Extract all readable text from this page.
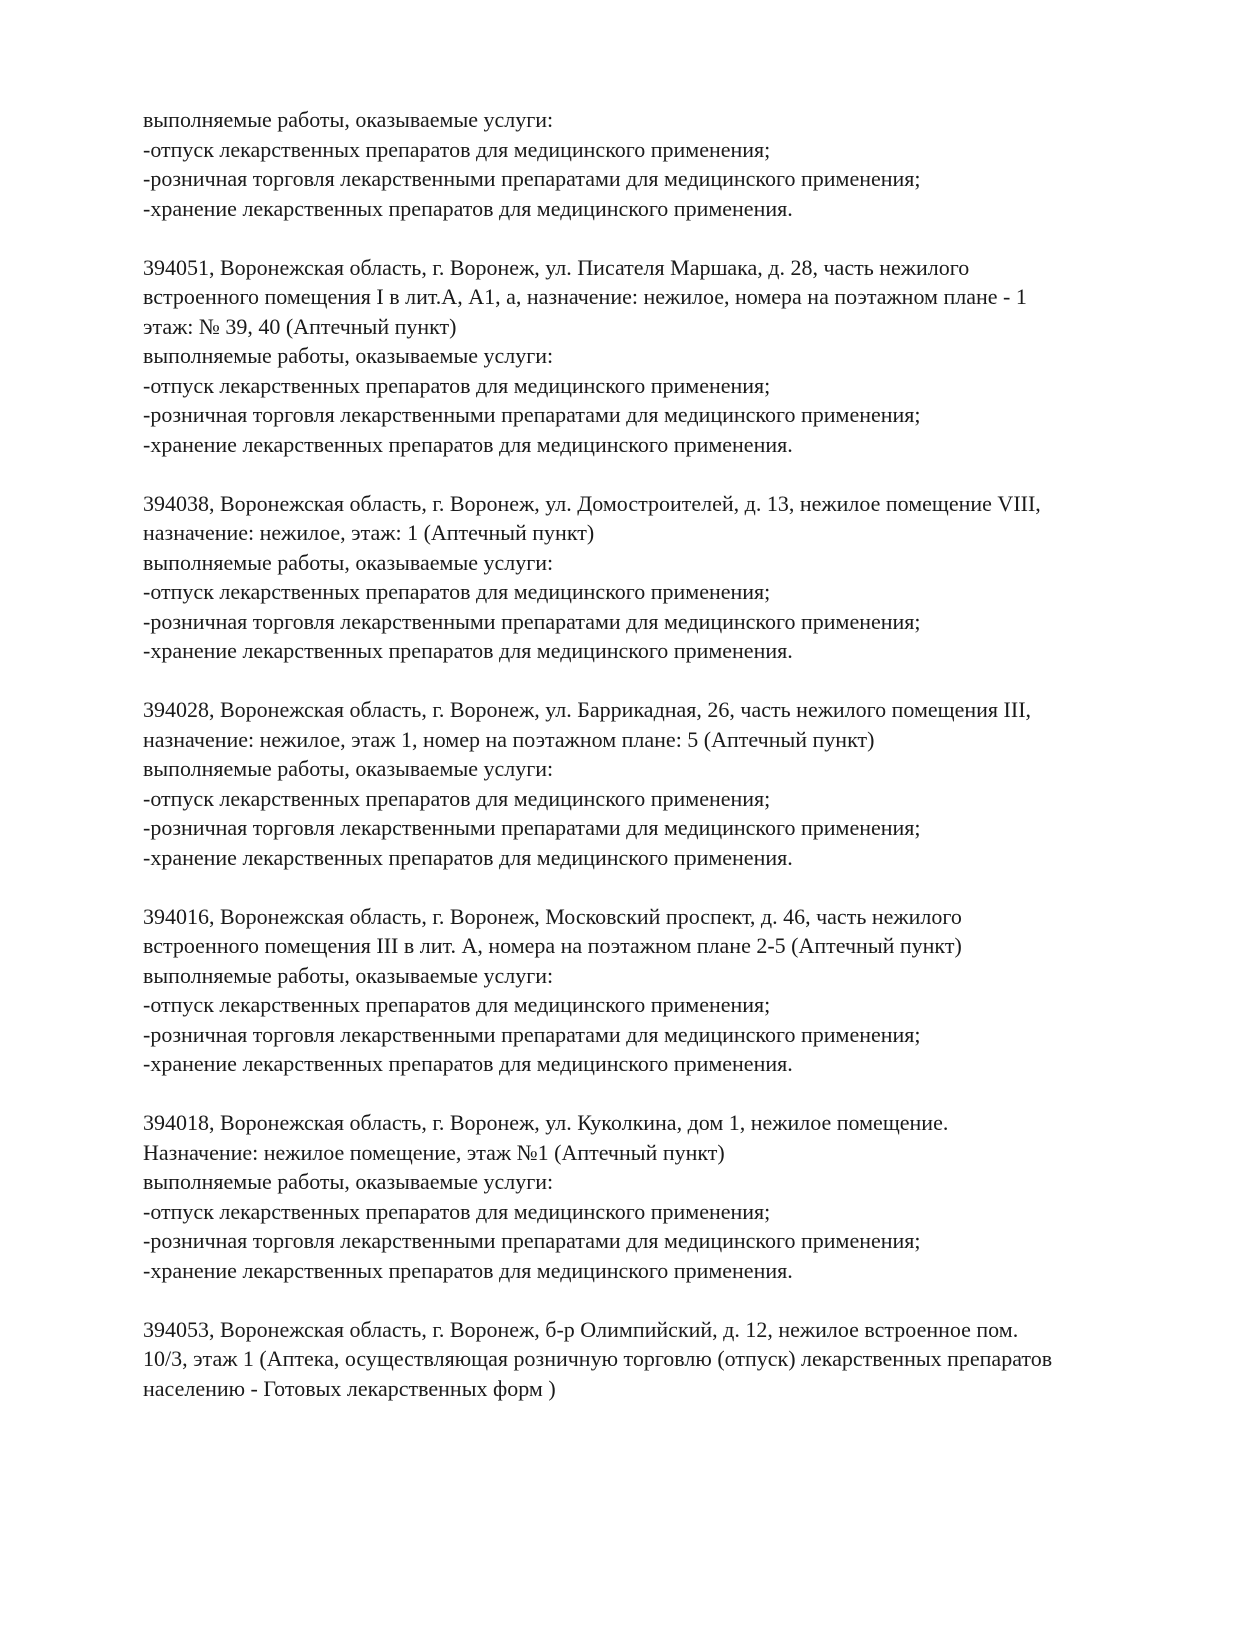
выполняемые работы, оказываемые услуги:
-отпуск лекарственных препаратов для медицинского применения;
-розничная торговля лекарственными препаратами для медицинского применения;
-хранение лекарственных препаратов для медицинского применения.
394051, Воронежская область, г. Воронеж, ул. Писателя Маршака, д. 28, часть нежилого
встроенного помещения I в лит.А, А1, а, назначение: нежилое, номера на поэтажном плане - 1
этаж: № 39, 40 (Аптечный пункт)
выполняемые работы, оказываемые услуги:
-отпуск лекарственных препаратов для медицинского применения;
-розничная торговля лекарственными препаратами для медицинского применения;
-хранение лекарственных препаратов для медицинского применения.
394038, Воронежская область, г. Воронеж, ул. Домостроителей, д. 13, нежилое помещение VIII,
назначение: нежилое, этаж: 1 (Аптечный пункт)
выполняемые работы, оказываемые услуги:
-отпуск лекарственных препаратов для медицинского применения;
-розничная торговля лекарственными препаратами для медицинского применения;
-хранение лекарственных препаратов для медицинского применения.
394028, Воронежская область, г. Воронеж, ул. Баррикадная, 26, часть нежилого помещения III,
назначение: нежилое, этаж 1, номер на поэтажном плане: 5 (Аптечный пункт)
выполняемые работы, оказываемые услуги:
-отпуск лекарственных препаратов для медицинского применения;
-розничная торговля лекарственными препаратами для медицинского применения;
-хранение лекарственных препаратов для медицинского применения.
394016, Воронежская область, г. Воронеж, Московский проспект, д. 46, часть нежилого
встроенного помещения III в лит. А, номера на поэтажном плане 2-5 (Аптечный пункт)
выполняемые работы, оказываемые услуги:
-отпуск лекарственных препаратов для медицинского применения;
-розничная торговля лекарственными препаратами для медицинского применения;
-хранение лекарственных препаратов для медицинского применения.
394018, Воронежская область, г. Воронеж, ул. Куколкина, дом 1, нежилое помещение.
Назначение: нежилое помещение, этаж №1 (Аптечный пункт)
выполняемые работы, оказываемые услуги:
-отпуск лекарственных препаратов для медицинского применения;
-розничная торговля лекарственными препаратами для медицинского применения;
-хранение лекарственных препаратов для медицинского применения.
394053, Воронежская область, г. Воронеж, б-р Олимпийский, д. 12, нежилое встроенное пом.
10/3, этаж 1 (Аптека, осуществляющая розничную торговлю (отпуск) лекарственных препаратов
населению - Готовых лекарственных форм )
